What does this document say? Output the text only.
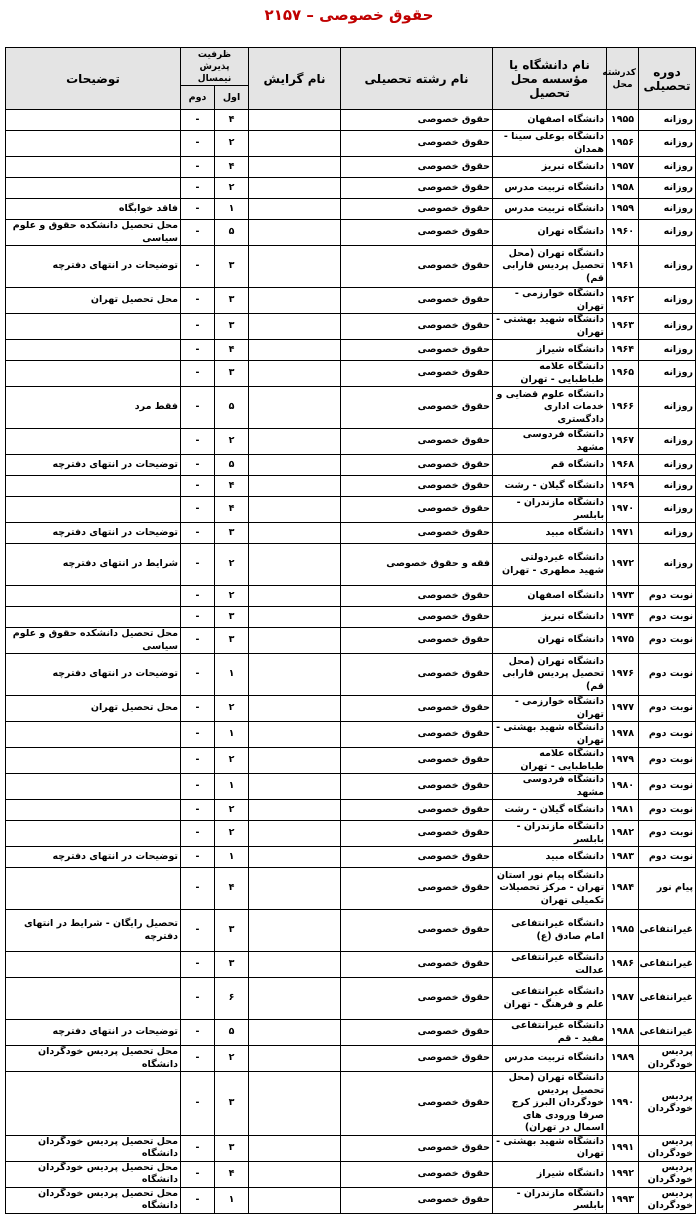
۲۱۵۷ – حقوق خصوصی
دوره تحصیلی	کدرشته محل	نام دانشگاه یا مؤسسه محل تحصیل	نام رشته تحصیلی	نام گرایش	ظرفیت پذیرش نیمسال		توضیحات
					اول	دوم	
روزانه	۱۹۵۵	دانشگاه اصفهان	حقوق خصوصی		۴	-	
روزانه	۱۹۵۶	دانشگاه بوعلی سینا - همدان	حقوق خصوصی		۲	-	
روزانه	۱۹۵۷	دانشگاه تبریز	حقوق خصوصی		۴	-	
روزانه	۱۹۵۸	دانشگاه تربیت مدرس	حقوق خصوصی		۲	-	
روزانه	۱۹۵۹	دانشگاه تربیت مدرس	حقوق خصوصی		۱	-	فاقد خوابگاه
روزانه	۱۹۶۰	دانشگاه تهران	حقوق خصوصی		۵	-	محل تحصیل دانشکده حقوق و علوم سیاسی
روزانه	۱۹۶۱	دانشگاه تهران (محل تحصیل پردیس فارابی قم)	حقوق خصوصی		۳	-	توضیحات در انتهای دفترچه
روزانه	۱۹۶۲	دانشگاه خوارزمی - تهران	حقوق خصوصی		۳	-	محل تحصیل تهران
روزانه	۱۹۶۳	دانشگاه شهید بهشتی - تهران	حقوق خصوصی		۳	-	
روزانه	۱۹۶۴	دانشگاه شیراز	حقوق خصوصی		۴	-	
روزانه	۱۹۶۵	دانشگاه علامه طباطبایی - تهران	حقوق خصوصی		۳	-	
روزانه	۱۹۶۶	دانشگاه علوم قضایی و خدمات اداری دادگستری	حقوق خصوصی		۵	-	فقط مرد
روزانه	۱۹۶۷	دانشگاه فردوسی مشهد	حقوق خصوصی		۲	-	
روزانه	۱۹۶۸	دانشگاه قم	حقوق خصوصی		۵	-	توضیحات در انتهای دفترچه
روزانه	۱۹۶۹	دانشگاه گیلان - رشت	حقوق خصوصی		۴	-	
روزانه	۱۹۷۰	دانشگاه مازندران - بابلسر	حقوق خصوصی		۴	-	
روزانه	۱۹۷۱	دانشگاه مبید	حقوق خصوصی		۳	-	توضیحات در انتهای دفترچه
روزانه	۱۹۷۲	دانشگاه غیردولتی شهید مطهری - تهران	فقه و حقوق خصوصی		۲	-	شرایط در انتهای دفترچه
نوبت دوم	۱۹۷۳	دانشگاه اصفهان	حقوق خصوصی		۲	-	
نوبت دوم	۱۹۷۴	دانشگاه تبریز	حقوق خصوصی		۳	-	
نوبت دوم	۱۹۷۵	دانشگاه تهران	حقوق خصوصی		۳	-	محل تحصیل دانشکده حقوق و علوم سیاسی
نوبت دوم	۱۹۷۶	دانشگاه تهران (محل تحصیل پردیس فارابی قم)	حقوق خصوصی		۱	-	توضیحات در انتهای دفترچه
نوبت دوم	۱۹۷۷	دانشگاه خوارزمی - تهران	حقوق خصوصی		۲	-	محل تحصیل تهران
نوبت دوم	۱۹۷۸	دانشگاه شهید بهشتی - تهران	حقوق خصوصی		۱	-	
نوبت دوم	۱۹۷۹	دانشگاه علامه طباطبایی - تهران	حقوق خصوصی		۲	-	
نوبت دوم	۱۹۸۰	دانشگاه فردوسی مشهد	حقوق خصوصی		۱	-	
نوبت دوم	۱۹۸۱	دانشگاه گیلان - رشت	حقوق خصوصی		۲	-	
نوبت دوم	۱۹۸۲	دانشگاه مازندران - بابلسر	حقوق خصوصی		۲	-	
نوبت دوم	۱۹۸۳	دانشگاه مبید	حقوق خصوصی		۱	-	توضیحات در انتهای دفترچه
پیام نور	۱۹۸۴	دانشگاه پیام نور استان تهران - مرکز تحصیلات تکمیلی تهران	حقوق خصوصی		۴	-	
غیرانتفاعی	۱۹۸۵	دانشگاه غیرانتفاعی امام صادق (ع)	حقوق خصوصی		۳	-	تحصیل رایگان - شرایط در انتهای دفترچه
غیرانتفاعی	۱۹۸۶	دانشگاه غیرانتفاعی عدالت	حقوق خصوصی		۳	-	
غیرانتفاعی	۱۹۸۷	دانشگاه غیرانتفاعی علم و فرهنگ - تهران	حقوق خصوصی		۶	-	
غیرانتفاعی	۱۹۸۸	دانشگاه غیرانتفاعی مفید - قم	حقوق خصوصی		۵	-	توضیحات در انتهای دفترچه
پردیس خودگردان	۱۹۸۹	دانشگاه تربیت مدرس	حقوق خصوصی		۲	-	محل تحصیل پردیس خودگردان دانشگاه
پردیس خودگردان	۱۹۹۰	دانشگاه تهران (محل تحصیل پردیس خودگردان البرز کرج صرفا ورودی های اسمال در تهران)	حقوق خصوصی		۳	-	
پردیس خودگردان	۱۹۹۱	دانشگاه شهید بهشتی - تهران	حقوق خصوصی		۳	-	محل تحصیل پردیس خودگردان دانشگاه
پردیس خودگردان	۱۹۹۲	دانشگاه شیراز	حقوق خصوصی		۴	-	محل تحصیل پردیس خودگردان دانشگاه
پردیس خودگردان	۱۹۹۳	دانشگاه مازندران - بابلسر	حقوق خصوصی		۱	-	محل تحصیل پردیس خودگردان دانشگاه
